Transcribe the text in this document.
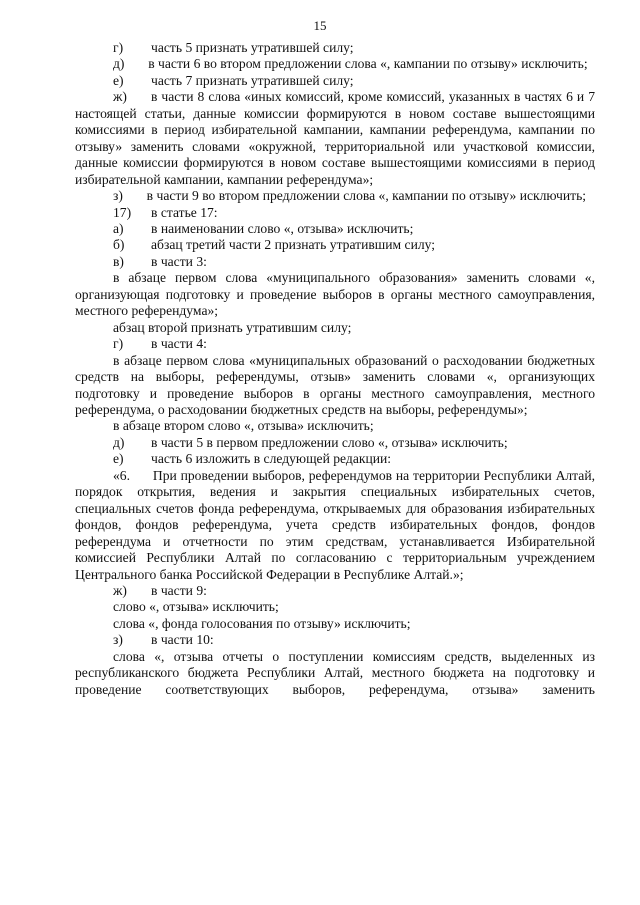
15
г)	часть 5 признать утратившей силу;

д)       в части 6 во втором предложении слова «, кампании по отзыву» исключить;

е)	часть 7 признать утратившей силу;

ж)      в части 8 слова «иных комиссий, кроме комиссий, указанных в частях 6 и 7 настоящей статьи, данные комиссии формируются в новом составе вышестоящими комиссиями в период избирательной кампании, кампании референдума, кампании по отзыву» заменить словами «окружной, территориальной или участковой комиссии, данные комиссии формируются в новом составе вышестоящими комиссиями в период избирательной кампании, кампании референдума»;

з)       в части 9 во втором предложении слова «, кампании по отзыву» исключить;

17)	в статье 17:
а)	в наименовании слово «, отзыва» исключить;
б)	абзац третий части 2 признать утратившим силу;
в)	в части 3:

в абзаце первом слова «муниципального образования» заменить словами «, организующая подготовку и проведение выборов в органы местного самоуправления, местного референдума»;

абзац второй признать утратившим силу;

г)	в части 4:

в абзаце первом слова «муниципальных образований о расходовании бюджетных средств на выборы, референдумы, отзыв» заменить словами «, организующих подготовку и проведение выборов в органы местного самоуправления, местного референдума, о расходовании бюджетных средств на выборы, референдумы»;

в абзаце втором слово «, отзыва» исключить;

д)	в части 5 в первом предложении слово «, отзыва» исключить;
е)	часть 6 изложить в следующей редакции:

«6.      При проведении выборов, референдумов на территории Республики Алтай, порядок открытия, ведения и закрытия специальных избирательных счетов, специальных счетов фонда референдума, открываемых для образования избирательных фондов, фондов референдума, учета средств избирательных фондов, фондов референдума и отчетности по этим средствам, устанавливается Избирательной комиссией Республики Алтай по согласованию с территориальным учреждением Центрального банка Российской Федерации в Республике Алтай.»;

ж)	в части 9:

слово «, отзыва» исключить;

слова «, фонда голосования по отзыву» исключить;

з)	в части 10:

слова «, отзыва отчеты о поступлении комиссиям средств, выделенных из республиканского бюджета Республики Алтай, местного бюджета на подготовку и проведение соответствующих выборов, референдума, отзыва» заменить
